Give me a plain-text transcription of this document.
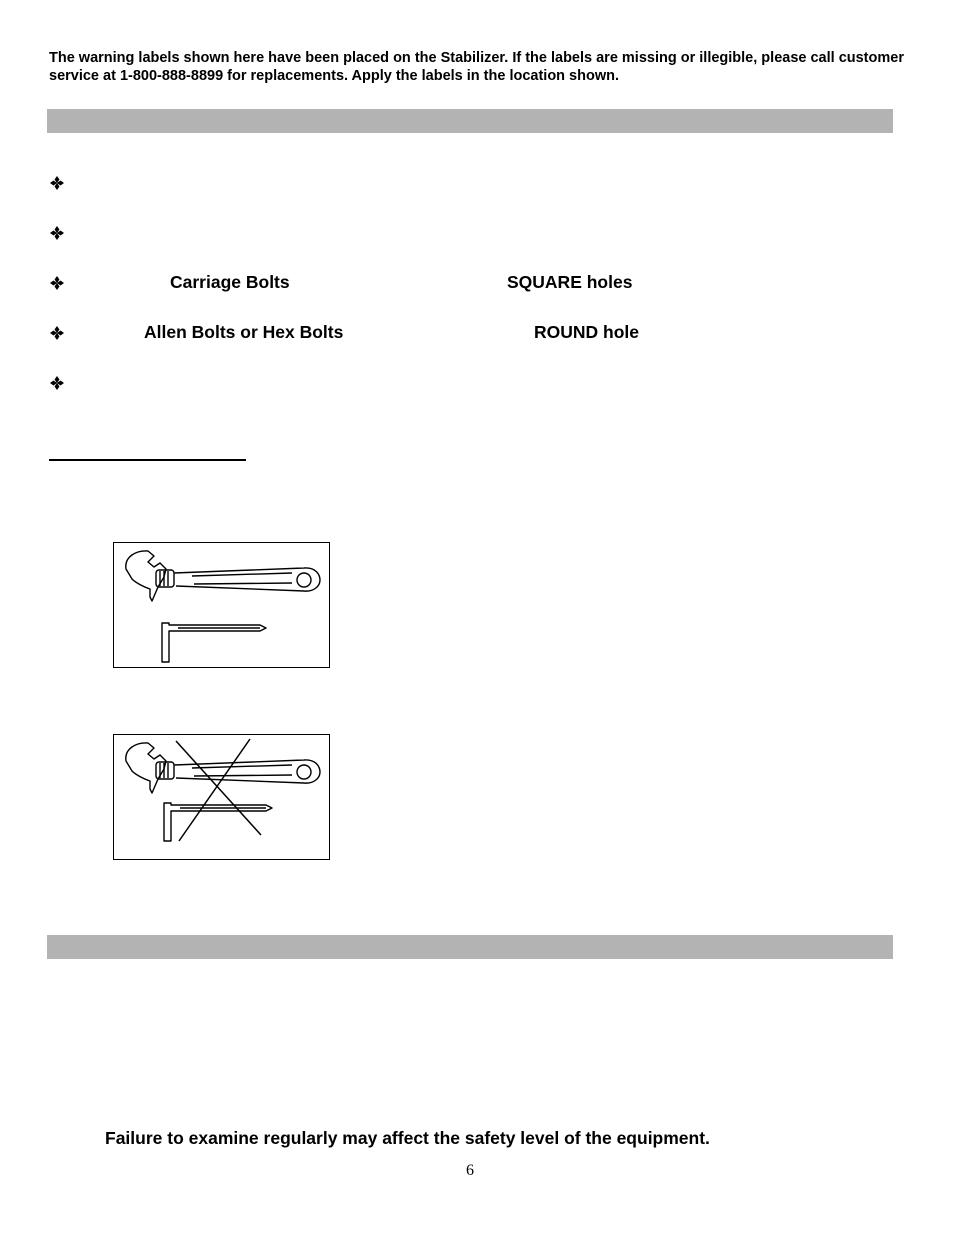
The warning labels shown here have been placed on the Stabilizer. If the labels are missing or illegible, please call customer service at 1-800-888-8899 for replacements. Apply the labels in the location shown.
Carriage Bolts	SQUARE holes
Allen Bolts or Hex Bolts	ROUND hole
Failure to examine regularly may affect the safety level of the equipment.
6
